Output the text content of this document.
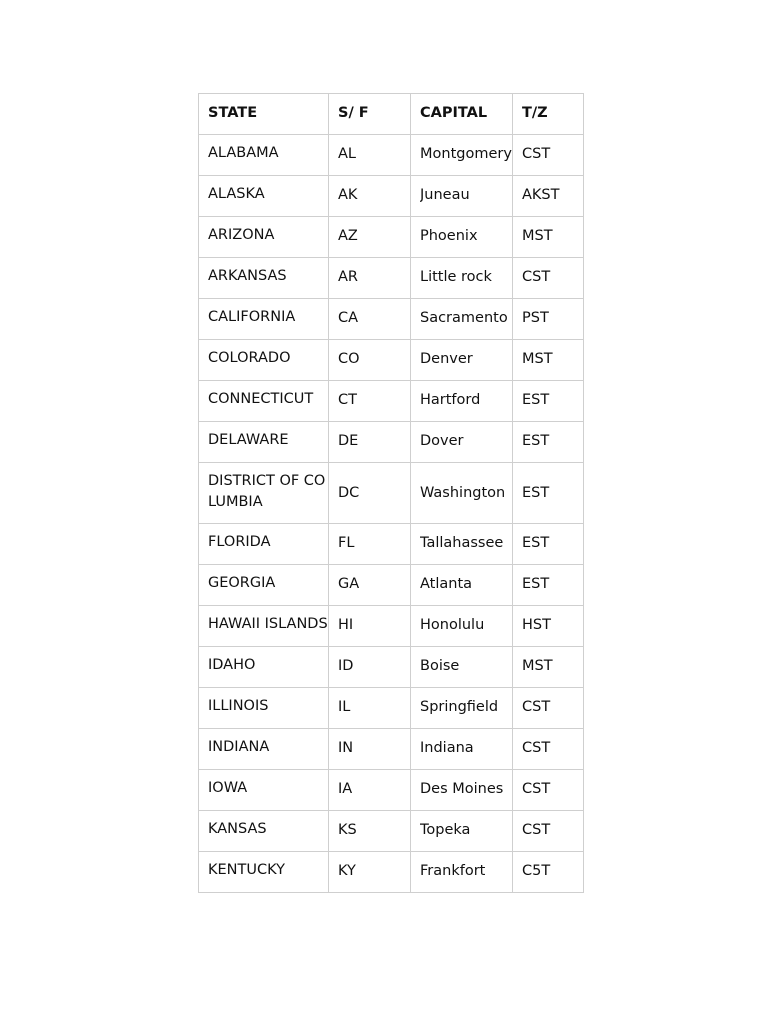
STATE	S/ F	CAPITAL	T/Z

ALABAMA	AL	Montgomery	CST

ALASKA	AK	Juneau	AKST

ARIZONA	AZ	Phoenix	MST

ARKANSAS	AR	Little rock	CST

CALIFORNIA	CA	Sacramento	PST

COLORADO	CO	Denver	MST

CONNECTICUT	CT	Hartford	EST

DELAWARE	DE	Dover	EST

DISTRICT OF COLUMBIA	DC	Washington	EST

FLORIDA	FL	Tallahassee	EST

GEORGIA	GA	Atlanta	EST

HAWAII ISLANDS	HI	Honolulu	HST

IDAHO	ID	Boise	MST

ILLINOIS	IL	Springfield	CST

INDIANA	IN	Indiana	CST

IOWA	IA	Des Moines	CST

KANSAS	KS	Topeka	CST

KENTUCKY	KY	Frankfort	C5T
